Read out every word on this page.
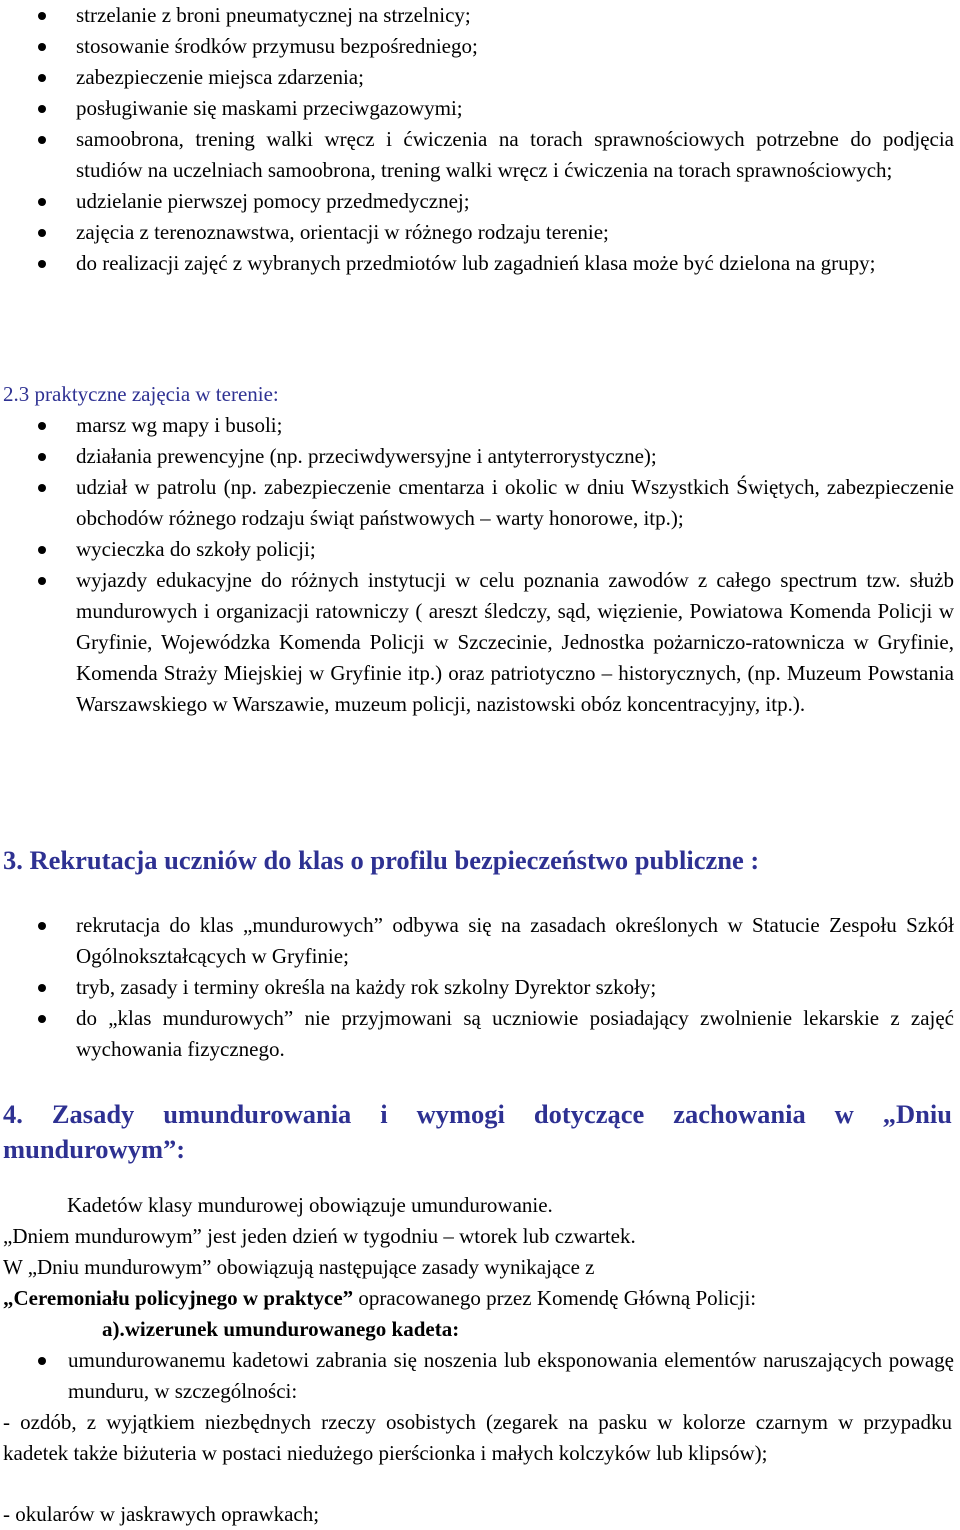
strzelanie z broni pneumatycznej na strzelnicy;
stosowanie środków przymusu bezpośredniego;
zabezpieczenie miejsca zdarzenia;
posługiwanie się maskami przeciwgazowymi;
samoobrona, trening walki wręcz i ćwiczenia na torach sprawnościowych potrzebne do podjęcia studiów na uczelniach samoobrona, trening walki wręcz i ćwiczenia na torach sprawnościowych;
udzielanie pierwszej pomocy przedmedycznej;
zajęcia z terenoznawstwa, orientacji w różnego rodzaju terenie;
do realizacji zajęć z wybranych przedmiotów lub zagadnień klasa może być dzielona na grupy;
2.3 praktyczne zajęcia w terenie:
marsz wg mapy i busoli;
działania prewencyjne (np. przeciwdywersyjne i antyterrorystyczne);
udział w patrolu (np. zabezpieczenie cmentarza i okolic w dniu Wszystkich Świętych, zabezpieczenie obchodów różnego rodzaju świąt państwowych – warty honorowe, itp.);
wycieczka do szkoły policji;
wyjazdy edukacyjne do różnych instytucji w celu poznania zawodów z całego spectrum tzw. służb mundurowych i organizacji ratowniczy ( areszt śledczy, sąd, więzienie, Powiatowa Komenda Policji w Gryfinie, Wojewódzka Komenda Policji w Szczecinie, Jednostka pożarniczo-ratownicza w Gryfinie, Komenda Straży Miejskiej w Gryfinie itp.) oraz patriotyczno – historycznych, (np. Muzeum Powstania Warszawskiego w Warszawie, muzeum policji, nazistowski obóz koncentracyjny, itp.).
3. Rekrutacja uczniów do klas o profilu bezpieczeństwo publiczne :
rekrutacja do klas „mundurowych” odbywa się na zasadach określonych w Statucie Zespołu Szkół Ogólnokształcących w Gryfinie;
tryb, zasady i terminy określa na każdy rok szkolny Dyrektor szkoły;
do „klas mundurowych” nie przyjmowani są uczniowie posiadający zwolnienie lekarskie z zajęć wychowania fizycznego.
4. Zasady umundurowania i wymogi dotyczące zachowania w „Dniu mundurowym”:
Kadetów klasy mundurowej obowiązuje umundurowanie.
„Dniem mundurowym” jest jeden dzień w tygodniu – wtorek lub czwartek.
W „Dniu mundurowym” obowiązują następujące zasady wynikające z
„Ceremoniału policyjnego w praktyce” opracowanego przez Komendę Główną Policji:
a).wizerunek umundurowanego kadeta:
umundurowanemu kadetowi zabrania się noszenia lub eksponowania elementów naruszających powagę munduru, w szczególności:
- ozdób, z wyjątkiem niezbędnych rzeczy osobistych (zegarek na pasku w kolorze czarnym w przypadku kadetek także biżuteria w postaci niedużego pierścionka i małych kolczyków lub klipsów);
- okularów w jaskrawych oprawkach;
